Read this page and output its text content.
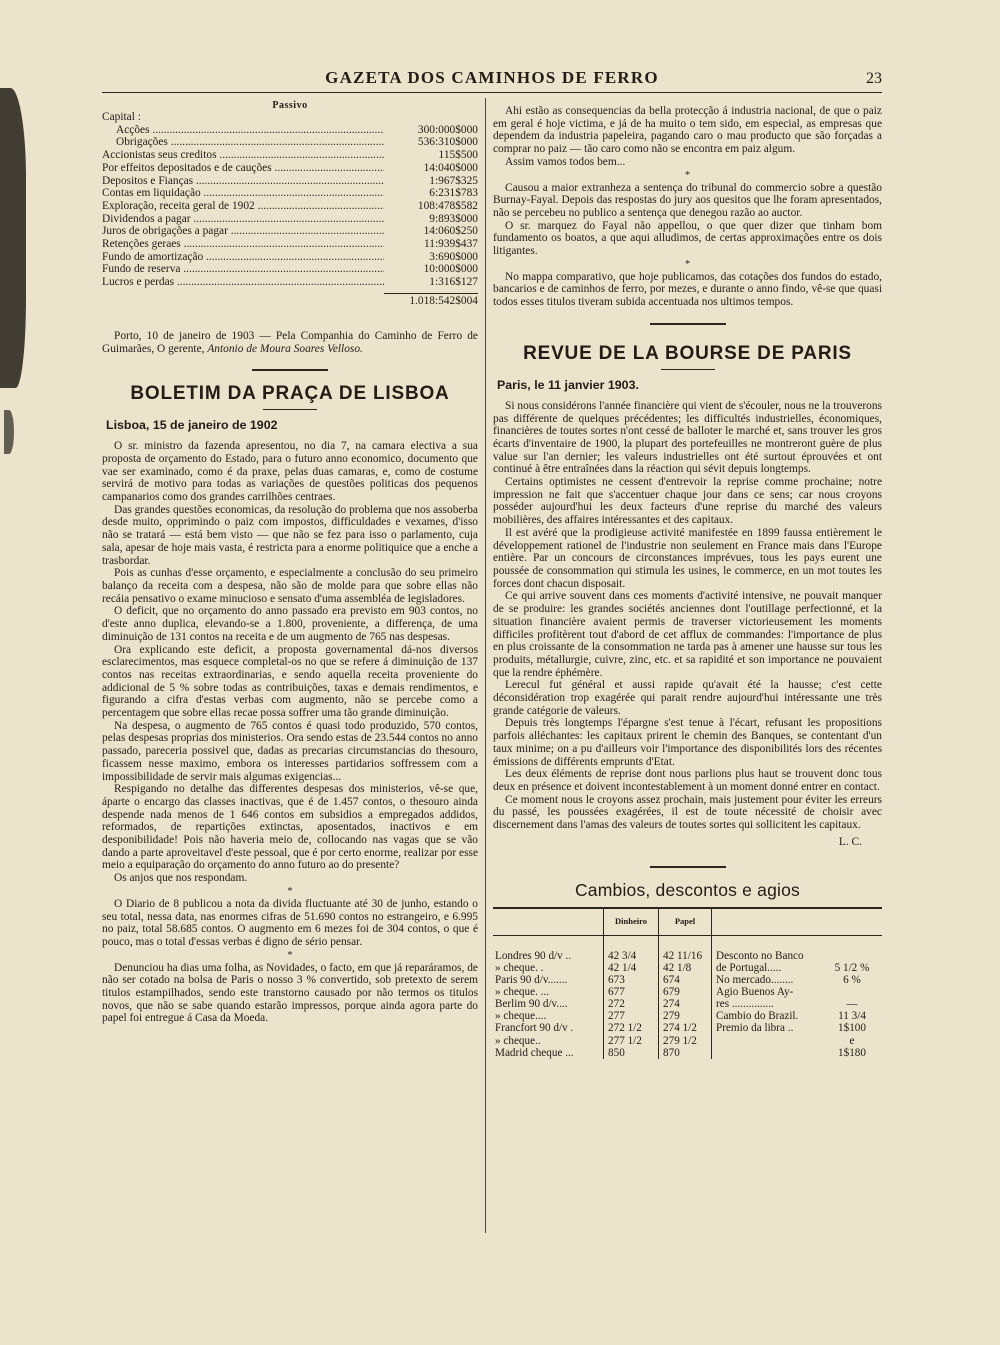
GAZETA DOS CAMINHOS DE FERRO	23
Passivo
Capital :
Acções .....	300:000$000
Obrigações .....	536:310$000
Accionistas seus creditos .....	115$500
Por effeitos depositados e de cauções .....	14:040$000
Depositos e Fianças .....	1:967$325
Contas em liquidação .....	6:231$783
Exploração, receita geral de 1902 .....	108:478$582
Dividendos a pagar .....	9:893$000
Juros de obrigações a pagar .....	14:060$250
Retenções geraes .....	11:939$437
Fundo de amortização .....	3:690$000
Fundo de reserva .....	10:000$000
Lucros e perdas .....	1:316$127
1.018:542$004

Porto, 10 de janeiro de 1903 — Pela Companhia do Caminho de Ferro de Guimarães, O gerente, Antonio de Moura Soares Velloso.

BOLETIM DA PRAÇA DE LISBOA
Lisboa, 15 de janeiro de 1902

O sr. ministro da fazenda apresentou, no dia 7, na camara electiva a sua proposta de orçamento do Estado, para o futuro anno economico, documento que vae ser examinado, como é da praxe, pelas duas camaras, e, como de costume servirá de motivo para todas as variações de questões politicas dos pequenos campanarios como dos grandes carrilhões centraes.

Das grandes questões economicas, da resolução do problema que nos assoberba desde muito, opprimindo o paiz com impostos, difficuldades e vexames, d'isso não se tratará — está bem visto — que não se fez para isso o parlamento, cuja sala, apesar de hoje mais vasta, é restricta para a enorme politiquice que a enche a trasbordar.

Pois as cunhas d'esse orçamento, e especialmente a conclusão do seu primeiro balanço da receita com a despesa, não são de molde para que sobre ellas não recáia pensativo o exame minucioso e sensato d'uma assembléa de legisladores.

O deficit, que no orçamento do anno passado era previsto em 903 contos, no d'este anno duplica, elevando-se a 1.800, proveniente, a differença, de uma diminuição de 131 contos na receita e de um augmento de 765 nas despesas.

Ora explicando este deficit, a proposta governamental dá-nos diversos esclarecimentos, mas esquece completal-os no que se refere á diminuição de 137 contos nas receitas extraordinarias, e sendo aquella receita proveniente do addicional de 5 % sobre todas as contribuições, taxas e demais rendimentos, e figurando a cifra d'estas verbas com augmento, não se percebe como a percentagem que sobre ellas recae possa soffrer uma tão grande diminuição.

Na despesa, o augmento de 765 contos é quasi todo produzido, 570 contos, pelas despesas proprias dos ministerios. Ora sendo estas de 23.544 contos no anno passado, pareceria possivel que, dadas as precarias circumstancias do thesouro, ficassem nesse maximo, embora os interesses partidarios soffressem com a impossibilidade de servir mais algumas exigencias...

Respigando no detalhe das differentes despesas dos ministerios, vê-se que, áparte o encargo das classes inactivas, que é de 1.457 contos, o thesouro ainda despende nada menos de 1 646 contos em subsidios a empregados addidos, reformados, de repartições extinctas, aposentados, inactivos e em desponibilidade! Pois não haveria meio de, collocando nas vagas que se vão dando a parte aproveitavel d'este pessoal, que é por certo enorme, realizar por esse meio a equiparação do orçamento do anno futuro ao do presente?

Os anjos que nos respondam.

*

O Diario de 8 publicou a nota da divida fluctuante até 30 de junho, estando o seu total, nessa data, nas enormes cifras de 51.690 contos no estrangeiro, e 6.995 no paiz, total 58.685 contos. O augmento em 6 mezes foi de 304 contos, o que é pouco, mas o total d'essas verbas é digno de sério pensar.

*

Denunciou ha dias uma folha, as Novidades, o facto, em que já reparáramos, de não ser cotado na bolsa de Paris o nosso 3 % convertido, sob pretexto de serem titulos estampilhados, sendo este transtorno causado por não termos os titulos novos, que não se sabe quando estarão impressos, porque ainda agora parte do papel foi entregue á Casa da Moeda.

Ahi estão as consequencias da bella protecção á industria nacional, de que o paiz em geral é hoje victima, e já de ha muito o tem sido, em especial, as empresas que dependem da industria papeleira, pagando caro o mau producto que são forçadas a comprar no paiz — tão caro como não se encontra em paiz algum.

Assim vamos todos bem...

*

Causou a maior extranheza a sentença do tribunal do commercio sobre a questão Burnay-Fayal. Depois das respostas do jury aos quesitos que lhe foram apresentados, não se percebeu no publico a sentença que denegou razão ao auctor.

O sr. marquez do Fayal não appellou, o que quer dizer que tinham bom fundamento os boatos, a que aqui alludimos, de certas approximações entre os dois litigantes.

*

No mappa comparativo, que hoje publicamos, das cotações dos fundos do estado, bancarios e de caminhos de ferro, por mezes, e durante o anno findo, vê-se que quasi todos esses titulos tiveram subida accentuada nos ultimos tempos.

REVUE DE LA BOURSE DE PARIS
Paris, le 11 janvier 1903.

Si nous considérons l'année financière qui vient de s'écouler, nous ne la trouverons pas différente de quelques précédentes; les difficultés industrielles, économiques, financières de toutes sortes n'ont cessé de balloter le marché et, sans trouver les gros écarts d'inventaire de 1900, la plupart des portefeuilles ne montreront guère de plus value sur l'an dernier; les valeurs industrielles ont été surtout éprouvées et ont continué à être entraînées dans la réaction qui sévit depuis longtemps.

Certains optimistes ne cessent d'entrevoir la reprise comme prochaine; notre impression ne fait que s'accentuer chaque jour dans ce sens; car nous croyons posséder aujourd'hui les deux facteurs d'une reprise du marché des valeurs mobilières, des affaires intéressantes et des capitaux.

Il est avéré que la prodigieuse activité manifestée en 1899 faussa entièrement le développement rationel de l'industrie non seulement en France mais dans l'Europe entière. Par un concours de circonstances imprévues, tous les pays eurent une poussée de consommation qui stimula les usines, le commerce, en un mot toutes les forces dont chacun disposait.

Ce qui arrive souvent dans ces moments d'activité intensive, ne pouvait manquer de se produire: les grandes sociétés anciennes dont l'outillage perfectionné, et la situation financière avaient permis de traverser victorieusement les moments difficiles profitèrent tout d'abord de cet afflux de commandes: l'importance de plus en plus croissante de la consommation ne tarda pas à amener une hausse sur tous les produits, métallurgie, cuivre, zinc, etc. et sa rapidité et son importance ne pouvaient que la rendre éphémère.

Lerecul fut général et aussi rapide qu'avait été la hausse; c'est cette déconsidération trop exagérée qui parait rendre aujourd'hui intéressante une très grande catégorie de valeurs.

Depuis très longtemps l'épargne s'est tenue à l'écart, refusant les propositions parfois alléchantes: les capitaux prirent le chemin des Banques, se contentant d'un taux minime; on a pu d'ailleurs voir l'importance des disponibilités lors des récentes émissions de différents emprunts d'Etat.

Les deux éléments de reprise dont nous parlions plus haut se trouvent donc tous deux en présence et doivent incontestablement à un moment donné entrer en contact.

Ce moment nous le croyons assez prochain, mais justement pour éviter les erreurs du passé, les poussées exagérées, il est de toute nécessité de choisir avec discernement dans l'amas des valeurs de toutes sortes qui sollicitent les capitaux.

L. C.
Cambios, descontos e agios
	Dinheiro	Papel		

Londres 90 d/v ..	42 3/4	42 11/16	Desconto no Banco	
» cheque. .	42 1/4	42 1/8	de Portugal.....	5 1/2 %
Paris 90 d/v.......	673	674	No mercado........	6 %
» cheque. ...	677	679	Agio Buenos Ay-	
Berlim 90 d/v....	272	274	res ...............	—
» cheque....	277	279	Cambio do Brazil.	11 3/4
Francfort 90 d/v .	272 1/2	274 1/2	Premio da libra ..	1$100
» cheque..	277 1/2	279 1/2		e
Madrid cheque ...	850	870		1$180
